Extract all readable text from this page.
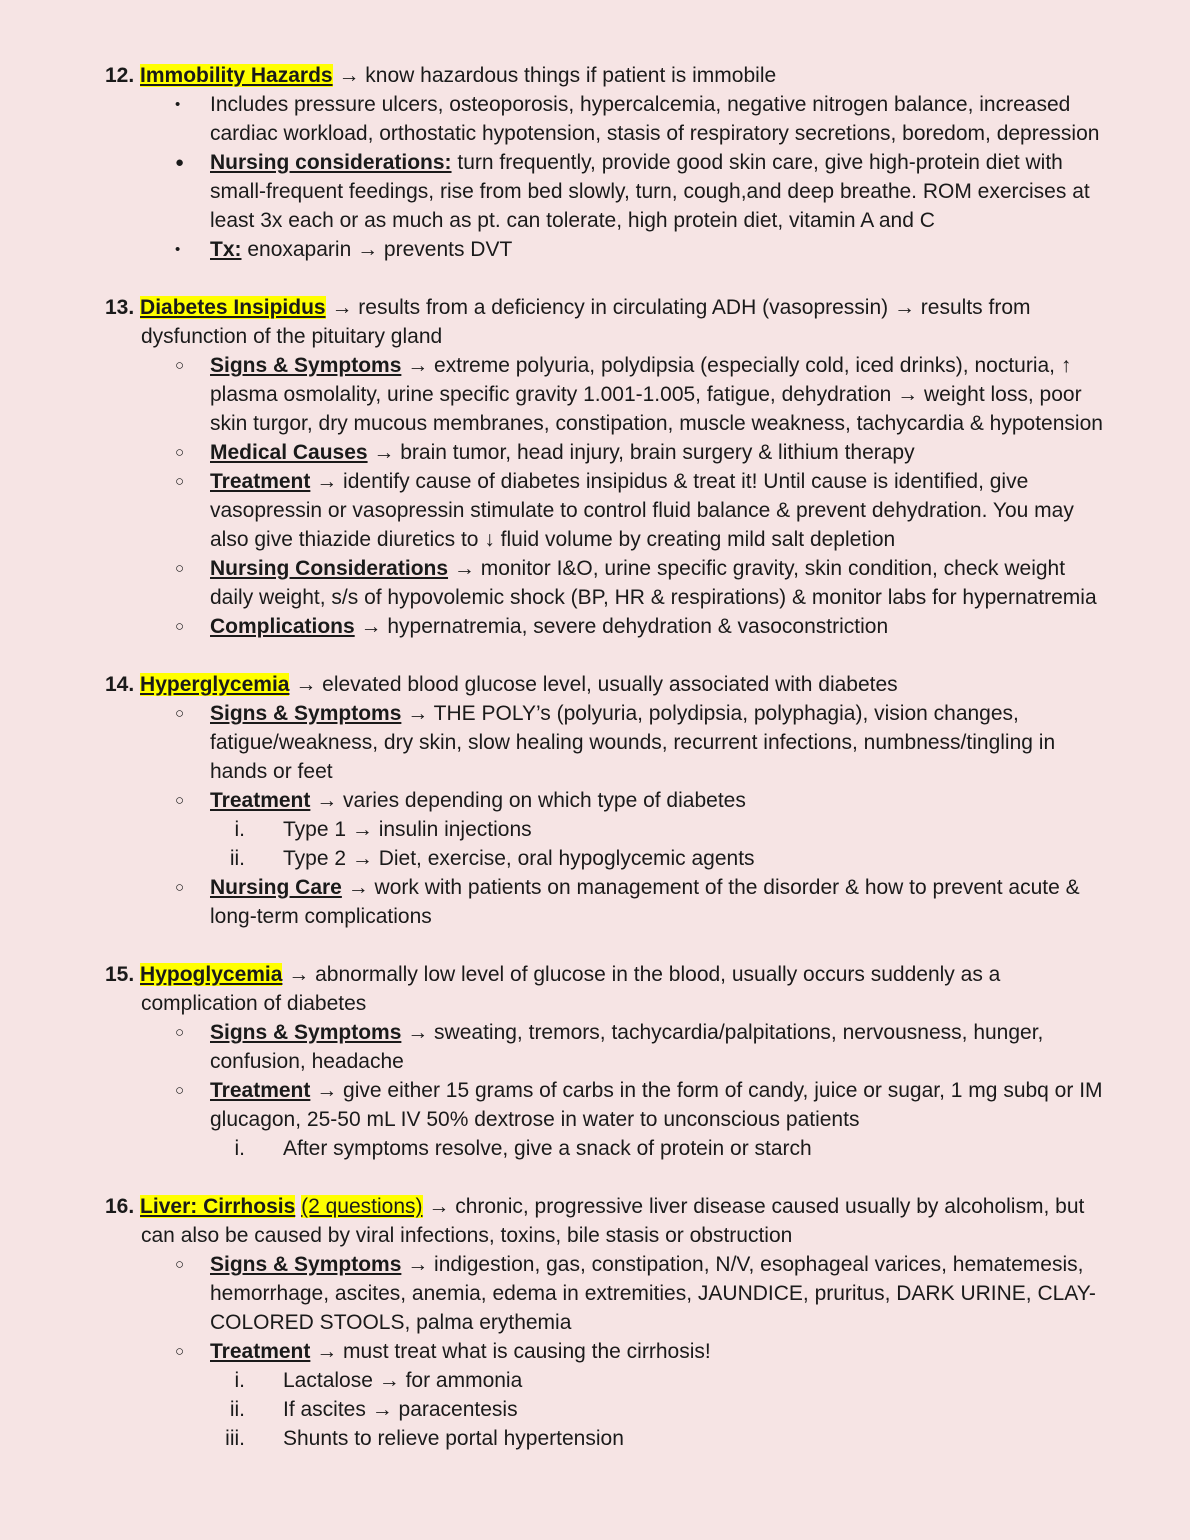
12. Immobility Hazards → know hazardous things if patient is immobile

•	Includes pressure ulcers, osteoporosis, hypercalcemia, negative nitrogen balance, increased cardiac workload, orthostatic hypotension, stasis of respiratory secretions, boredom, depression

●	Nursing considerations: turn frequently, provide good skin care, give high-protein diet with small-frequent feedings, rise from bed slowly, turn, cough,and deep breathe. ROM exercises at least 3x each or as much as pt. can tolerate, high protein diet, vitamin A and C

•	Tx: enoxaparin → prevents DVT

13. Diabetes Insipidus → results from a deficiency in circulating ADH (vasopressin) → results from dysfunction of the pituitary gland

○	Signs & Symptoms → extreme polyuria, polydipsia (especially cold, iced drinks), nocturia, ↑ plasma osmolality, urine specific gravity 1.001-1.005, fatigue, dehydration → weight loss, poor skin turgor, dry mucous membranes, constipation, muscle weakness, tachycardia & hypotension

○	Medical Causes → brain tumor, head injury, brain surgery & lithium therapy

○	Treatment → identify cause of diabetes insipidus & treat it! Until cause is identified, give vasopressin or vasopressin stimulate to control fluid balance & prevent dehydration. You may also give thiazide diuretics to ↓ fluid volume by creating mild salt depletion

○	Nursing Considerations → monitor I&O, urine specific gravity, skin condition, check weight daily weight, s/s of hypovolemic shock (BP, HR & respirations) & monitor labs for hypernatremia

○	Complications → hypernatremia, severe dehydration & vasoconstriction

14. Hyperglycemia → elevated blood glucose level, usually associated with diabetes

○	Signs & Symptoms → THE POLY’s (polyuria, polydipsia, polyphagia), vision changes, fatigue/weakness, dry skin, slow healing wounds, recurrent infections, numbness/tingling in hands or feet

○	Treatment → varies depending on which type of diabetes

i.	Type 1 → insulin injections
ii.	Type 2 → Diet, exercise, oral hypoglycemic agents
○	Nursing Care → work with patients on management of the disorder & how to prevent acute & long-term complications

15. Hypoglycemia → abnormally low level of glucose in the blood, usually occurs suddenly as a complication of diabetes

○	Signs & Symptoms → sweating, tremors, tachycardia/palpitations, nervousness, hunger, confusion, headache

○	Treatment → give either 15 grams of carbs in the form of candy, juice or sugar, 1 mg subq or IM glucagon, 25-50 mL IV 50% dextrose in water to unconscious patients

i.	After symptoms resolve, give a snack of protein or starch

16. Liver: Cirrhosis (2 questions) → chronic, progressive liver disease caused usually by alcoholism, but can also be caused by viral infections, toxins, bile stasis or obstruction

○	Signs & Symptoms → indigestion, gas, constipation, N/V, esophageal varices, hematemesis, hemorrhage, ascites, anemia, edema in extremities, JAUNDICE, pruritus, DARK URINE, CLAY-COLORED STOOLS, palma erythemia

○	Treatment → must treat what is causing the cirrhosis!

i.	Lactalose → for ammonia
ii.	If ascites → paracentesis
iii.	Shunts to relieve portal hypertension
